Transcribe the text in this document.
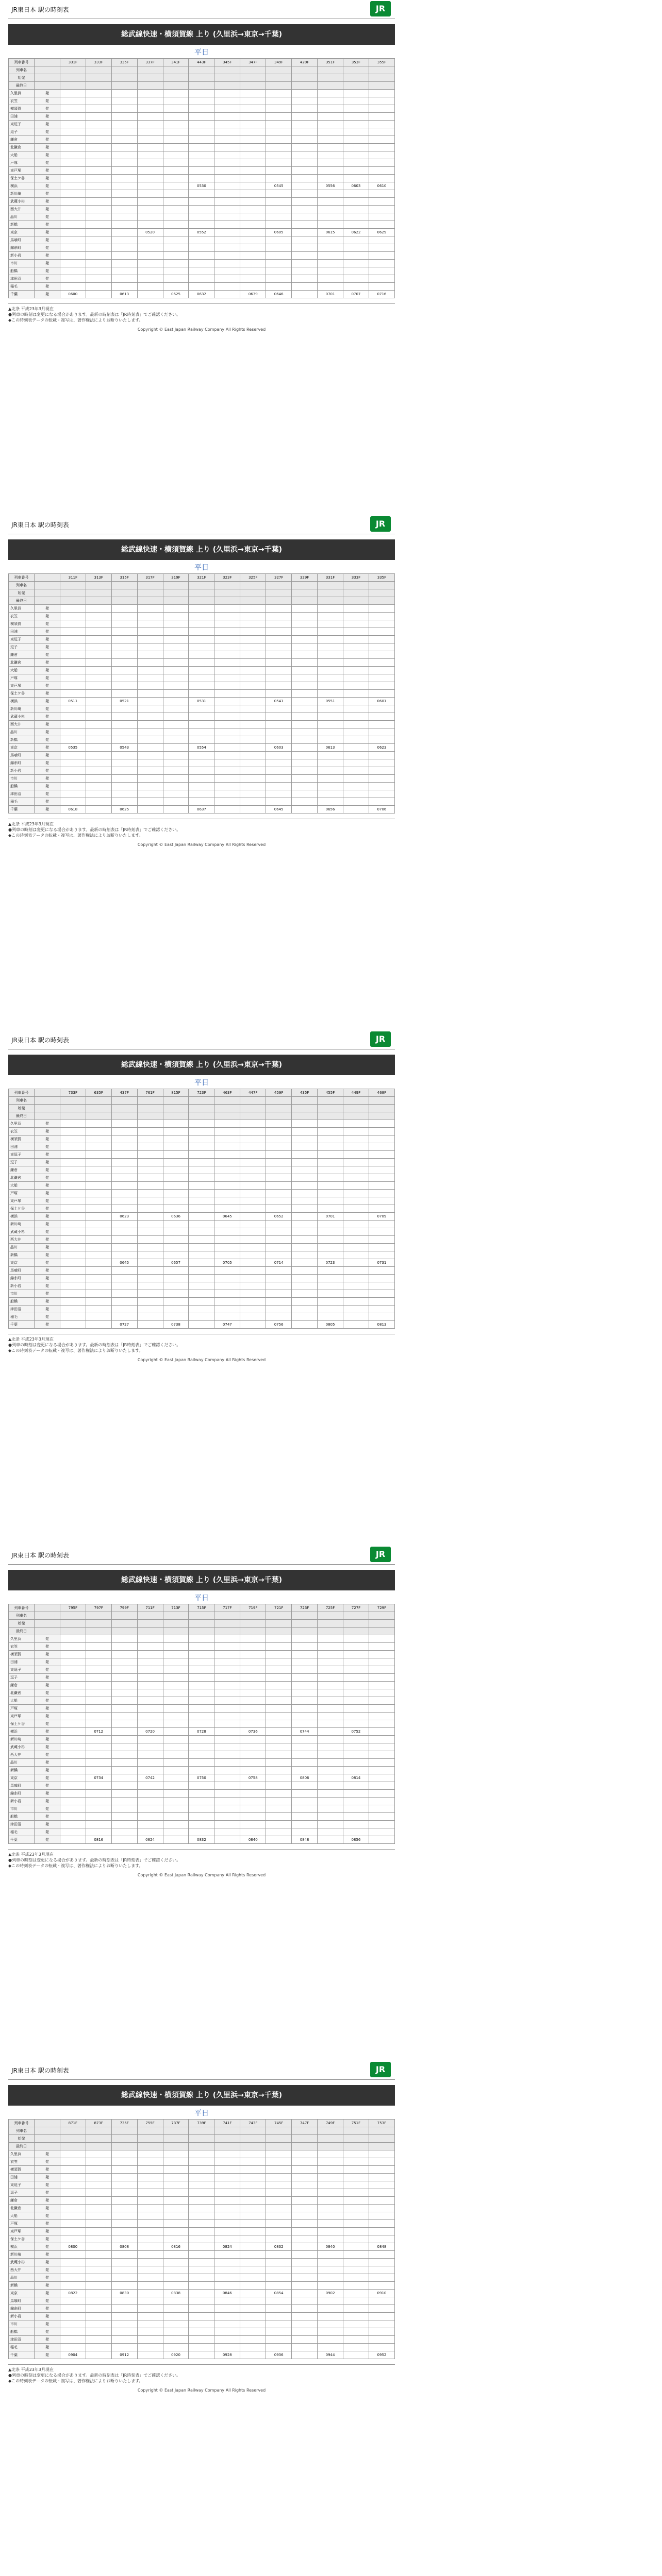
JR東日本 駅の時刻表	JR
総武線快速・横須賀線 上り (久里浜→東京→千葉)
平日
列車番号		331F	333F	335F	337F	341F	443F	345F	347F	349F	420F	351F	353F	355F
列車名														
始発														
最終日														
久里浜	発													
衣笠	発													
横須賀	発													
田浦	発													
東逗子	発													
逗子	発													
鎌倉	発													
北鎌倉	発													
大船	発													
戸塚	発													
東戸塚	発													
保土ケ谷	発													
横浜	発						0530			0545		0556	0603	0610
新川崎	発													
武蔵小杉	発													
西大井	発													
品川	発													
新橋	発													
東京	発				0520		0552			0605		0615	0622	0629
馬喰町	発													
錦糸町	発													
新小岩	発													
市川	発													
船橋	発													
津田沼	発													
稲毛	発													
千葉	発	0600		0613		0625	0632		0639	0646		0701	0707	0716
▲北条 平成23年3月現在
●列車の時刻は変更になる場合があります。最新の時刻表は「JR時刻表」でご確認ください。
◆この時刻表データの転載・複写は、著作権法によりお断りいたします。
Copyright © East Japan Railway Company All Rights Reserved
JR東日本 駅の時刻表	JR
総武線快速・横須賀線 上り (久里浜→東京→千葉)
平日
列車番号		311F	313F	315F	317F	319F	321F	323F	325F	327F	329F	331F	333F	335F
列車名														
始発														
最終日														
久里浜	発													
衣笠	発													
横須賀	発													
田浦	発													
東逗子	発													
逗子	発													
鎌倉	発													
北鎌倉	発													
大船	発													
戸塚	発													
東戸塚	発													
保土ケ谷	発													
横浜	発	0511		0521			0531			0541		0551		0601
新川崎	発													
武蔵小杉	発													
西大井	発													
品川	発													
新橋	発													
東京	発	0535		0543			0554			0603		0613		0623
馬喰町	発													
錦糸町	発													
新小岩	発													
市川	発													
船橋	発													
津田沼	発													
稲毛	発													
千葉	発	0618		0625			0637			0645		0656		0706
▲北条 平成23年3月現在
●列車の時刻は変更になる場合があります。最新の時刻表は「JR時刻表」でご確認ください。
◆この時刻表データの転載・複写は、著作権法によりお断りいたします。
Copyright © East Japan Railway Company All Rights Reserved
JR東日本 駅の時刻表	JR
総武線快速・横須賀線 上り (久里浜→東京→千葉)
平日
列車番号		733F	635F	437F	761F	815F	723F	463F	447F	459F	435F	455F	449F	468F
列車名														
始発														
最終日														
久里浜	発													
衣笠	発													
横須賀	発													
田浦	発													
東逗子	発													
逗子	発													
鎌倉	発													
北鎌倉	発													
大船	発													
戸塚	発													
東戸塚	発													
保土ケ谷	発													
横浜	発			0623		0636		0645		0652		0701		0709
新川崎	発													
武蔵小杉	発													
西大井	発													
品川	発													
新橋	発													
東京	発			0645		0657		0705		0714		0723		0731
馬喰町	発													
錦糸町	発													
新小岩	発													
市川	発													
船橋	発													
津田沼	発													
稲毛	発													
千葉	発			0727		0738		0747		0756		0805		0813
▲北条 平成23年3月現在
●列車の時刻は変更になる場合があります。最新の時刻表は「JR時刻表」でご確認ください。
◆この時刻表データの転載・複写は、著作権法によりお断りいたします。
Copyright © East Japan Railway Company All Rights Reserved
JR東日本 駅の時刻表	JR
総武線快速・横須賀線 上り (久里浜→東京→千葉)
平日
列車番号		795F	797F	799F	711F	713F	715F	717F	719F	721F	723F	725F	727F	729F
列車名														
始発														
最終日														
久里浜	発													
衣笠	発													
横須賀	発													
田浦	発													
東逗子	発													
逗子	発													
鎌倉	発													
北鎌倉	発													
大船	発													
戸塚	発													
東戸塚	発													
保土ケ谷	発													
横浜	発		0712		0720		0728		0736		0744		0752	
新川崎	発													
武蔵小杉	発													
西大井	発													
品川	発													
新橋	発													
東京	発		0734		0742		0750		0758		0806		0814	
馬喰町	発													
錦糸町	発													
新小岩	発													
市川	発													
船橋	発													
津田沼	発													
稲毛	発													
千葉	発		0816		0824		0832		0840		0848		0856	
▲北条 平成23年3月現在
●列車の時刻は変更になる場合があります。最新の時刻表は「JR時刻表」でご確認ください。
◆この時刻表データの転載・複写は、著作権法によりお断りいたします。
Copyright © East Japan Railway Company All Rights Reserved
JR東日本 駅の時刻表	JR
総武線快速・横須賀線 上り (久里浜→東京→千葉)
平日
列車番号		871F	873F	735F	755F	737F	739F	741F	743F	745F	747F	749F	751F	753F
列車名														
始発														
最終日														
久里浜	発													
衣笠	発													
横須賀	発													
田浦	発													
東逗子	発													
逗子	発													
鎌倉	発													
北鎌倉	発													
大船	発													
戸塚	発													
東戸塚	発													
保土ケ谷	発													
横浜	発	0800		0808		0816		0824		0832		0840		0848
新川崎	発													
武蔵小杉	発													
西大井	発													
品川	発													
新橋	発													
東京	発	0822		0830		0838		0846		0854		0902		0910
馬喰町	発													
錦糸町	発													
新小岩	発													
市川	発													
船橋	発													
津田沼	発													
稲毛	発													
千葉	発	0904		0912		0920		0928		0936		0944		0952
▲北条 平成23年3月現在
●列車の時刻は変更になる場合があります。最新の時刻表は「JR時刻表」でご確認ください。
◆この時刻表データの転載・複写は、著作権法によりお断りいたします。
Copyright © East Japan Railway Company All Rights Reserved
